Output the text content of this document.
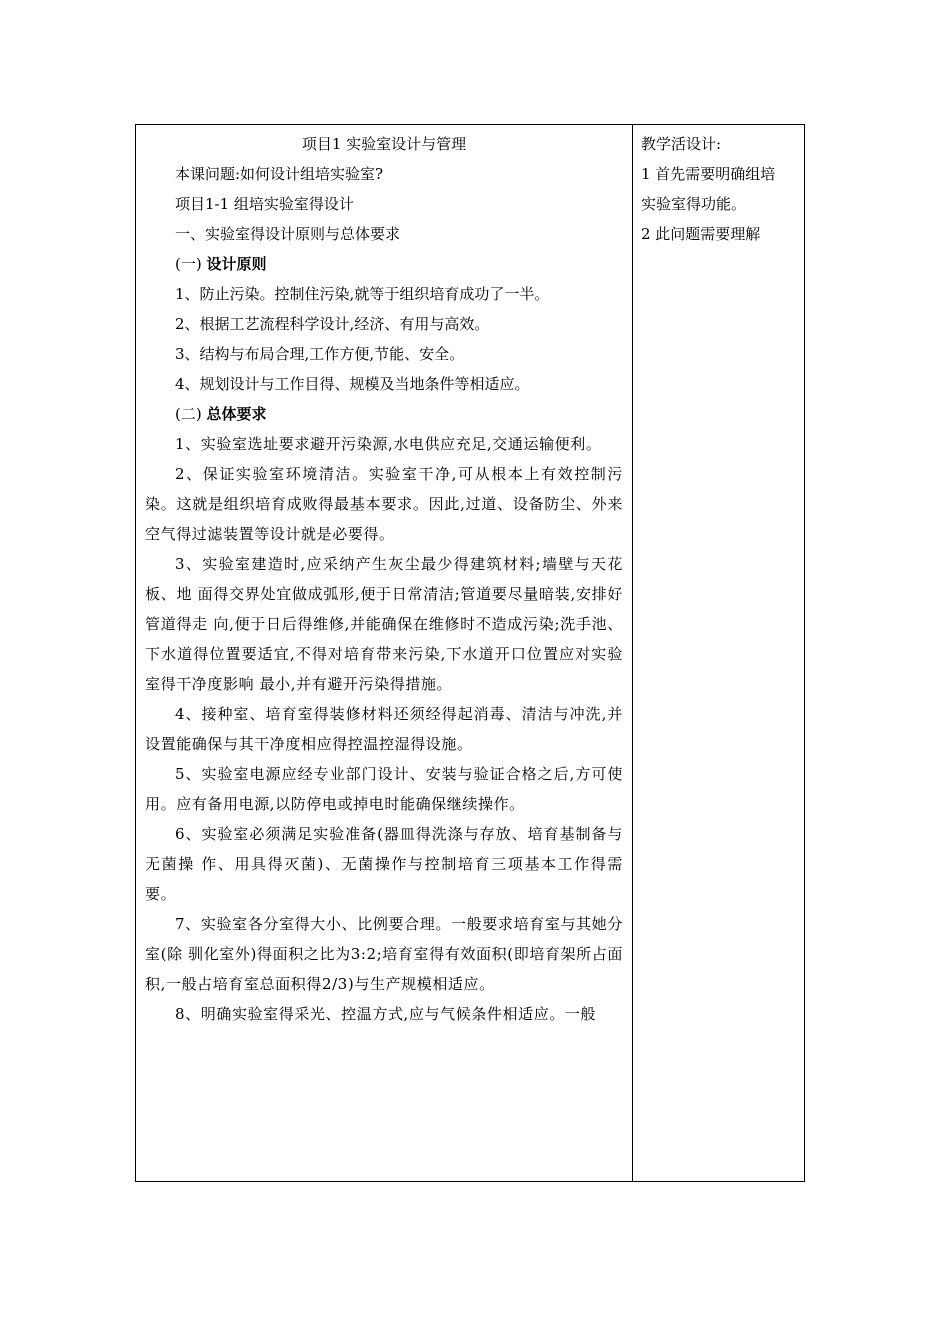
项目1 实验室设计与管理

本课问题:如何设计组培实验室?

项目1-1 组培实验室得设计

一、实验室得设计原则与总体要求

(一) 设计原则

1、防止污染。控制住污染,就等于组织培育成功了一半。

2、根据工艺流程科学设计,经济、有用与高效。

3、结构与布局合理,工作方便,节能、安全。

4、规划设计与工作目得、规模及当地条件等相适应。

(二) 总体要求

1、实验室选址要求避开污染源,水电供应充足,交通运输便利。

2、保证实验室环境清洁。实验室干净,可从根本上有效控制污染。这就是组织培育成败得最基本要求。因此,过道、设备防尘、外来空气得过滤装置等设计就是必要得。

3、实验室建造时,应采纳产生灰尘最少得建筑材料;墙壁与天花板、地 面得交界处宜做成弧形,便于日常清洁;管道要尽量暗装,安排好管道得走 向,便于日后得维修,并能确保在维修时不造成污染;洗手池、下水道得位置要适宜,不得对培育带来污染,下水道开口位置应对实验室得干净度影响 最小,并有避开污染得措施。

4、接种室、培育室得装修材料还须经得起消毒、清洁与冲洗,并设置能确保与其干净度相应得控温控湿得设施。

5、实验室电源应经专业部门设计、安装与验证合格之后,方可使用。应有备用电源,以防停电或掉电时能确保继续操作。

6、实验室必须满足实验准备(器皿得洗涤与存放、培育基制备与无菌操 作、用具得灭菌)、无菌操作与控制培育三项基本工作得需要。

7、实验室各分室得大小、比例要合理。一般要求培育室与其她分室(除 驯化室外)得面积之比为3:2;培育室得有效面积(即培育架所占面积,一般占培育室总面积得2/3)与生产规模相适应。

8、明确实验室得采光、控温方式,应与气候条件相适应。一般

教学活设计:

1 首先需要明确组培

实验室得功能。

2 此问题需要理解
